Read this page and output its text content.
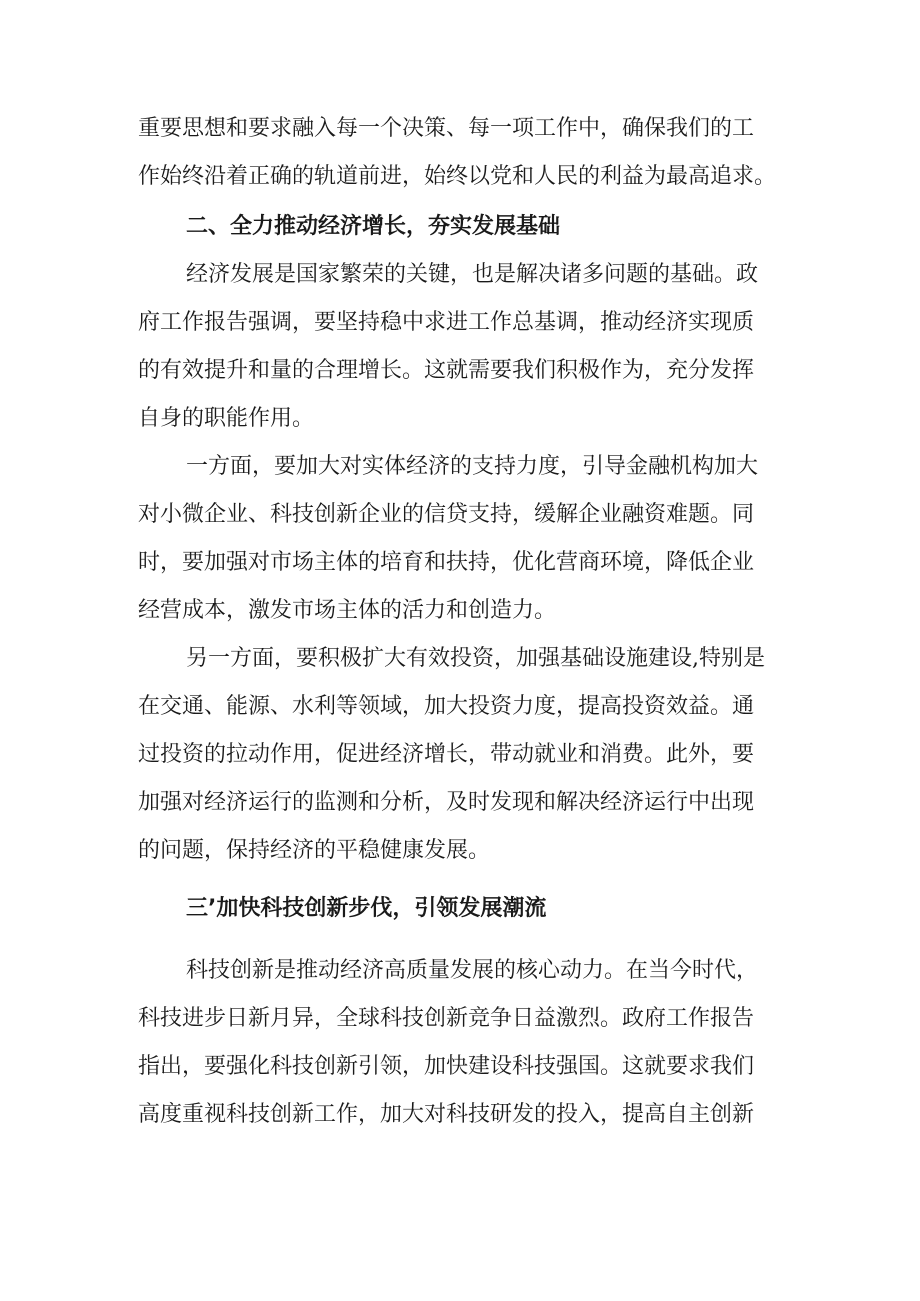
重要思想和要求融入每一个决策、每一项工作中，确保我们的工
作始终沿着正确的轨道前进，始终以党和人民的利益为最高追求。
二、全力推动经济增长，夯实发展基础
经济发展是国家繁荣的关键，也是解决诸多问题的基础。政
府工作报告强调，要坚持稳中求进工作总基调，推动经济实现质
的有效提升和量的合理增长。这就需要我们积极作为，充分发挥
自身的职能作用。
一方面，要加大对实体经济的支持力度，引导金融机构加大
对小微企业、科技创新企业的信贷支持，缓解企业融资难题。同
时，要加强对市场主体的培育和扶持，优化营商环境，降低企业
经营成本，激发市场主体的活力和创造力。
另一方面，要积极扩大有效投资，加强基础设施建设,特别是
在交通、能源、水利等领域，加大投资力度，提高投资效益。通
过投资的拉动作用，促进经济增长，带动就业和消费。此外，要
加强对经济运行的监测和分析，及时发现和解决经济运行中出现
的问题，保持经济的平稳健康发展。
三’加快科技创新步伐，引领发展潮流
科技创新是推动经济高质量发展的核心动力。在当今时代，
科技进步日新月异，全球科技创新竞争日益激烈。政府工作报告
指出，要强化科技创新引领，加快建设科技强国。这就要求我们
高度重视科技创新工作，加大对科技研发的投入，提高自主创新
